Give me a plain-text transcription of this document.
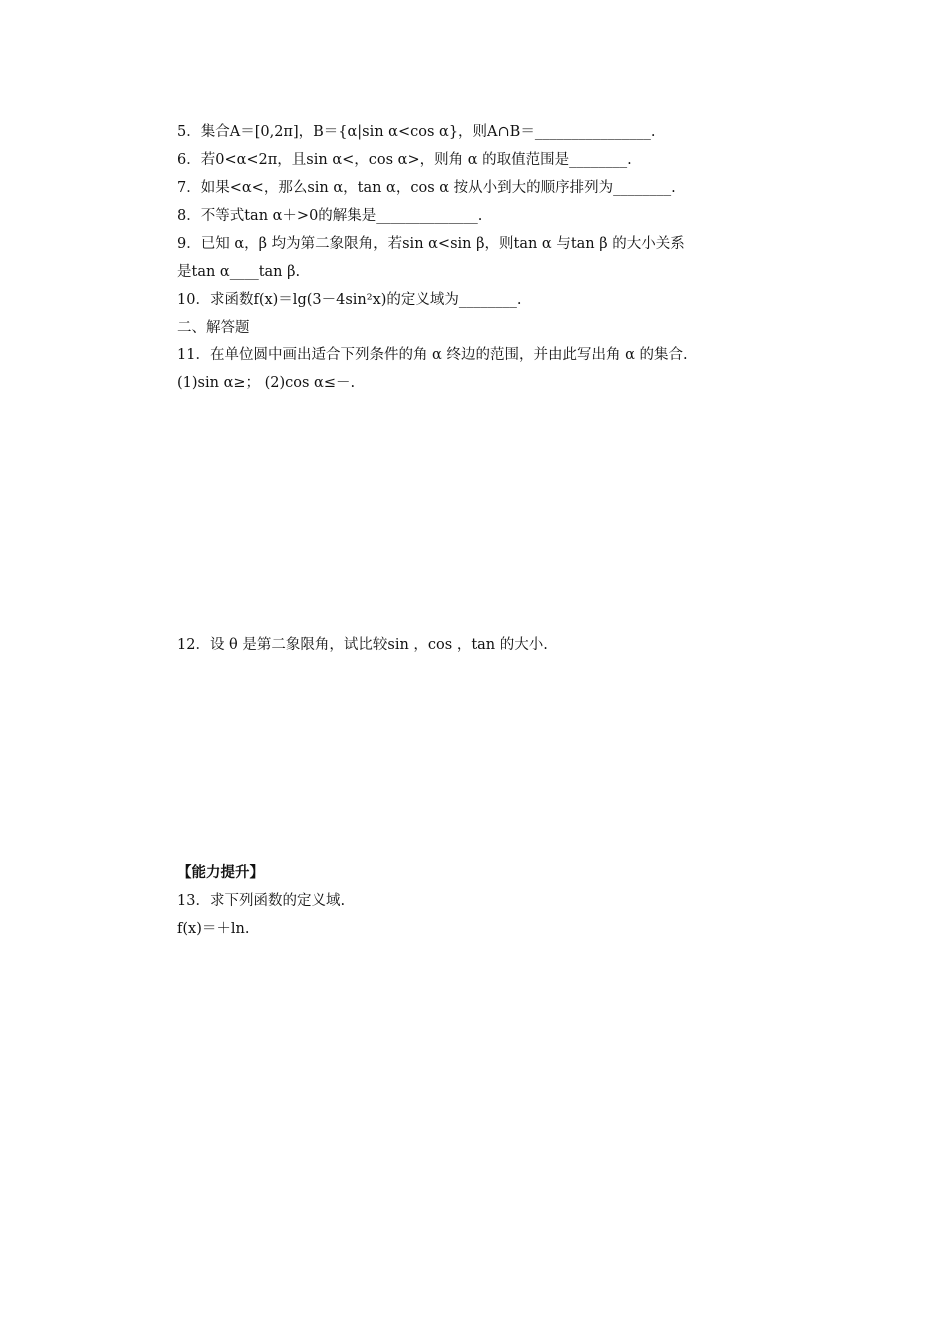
5．集合A＝[0,2π]，B＝{α|sin α<cos α}，则A∩B＝________________.
6．若0<α<2π，且sin α<，cos α>，则角 α 的取值范围是________.
7．如果<α<，那么sin α，tan α，cos α 按从小到大的顺序排列为________.
8．不等式tan α＋>0的解集是______________.
9．已知 α，β 均为第二象限角，若sin α<sin β，则tan α 与tan β 的大小关系
是tan α____tan β.
10．求函数f(x)＝lg(3－4sin²x)的定义域为________.
二、解答题
11．在单位圆中画出适合下列条件的角 α 终边的范围，并由此写出角 α 的集合.
(1)sin α≥； (2)cos α≤－.
12．设 θ 是第二象限角，试比较sin ，cos ，tan 的大小.
【能力提升】
13．求下列函数的定义域.
f(x)＝＋ln.
